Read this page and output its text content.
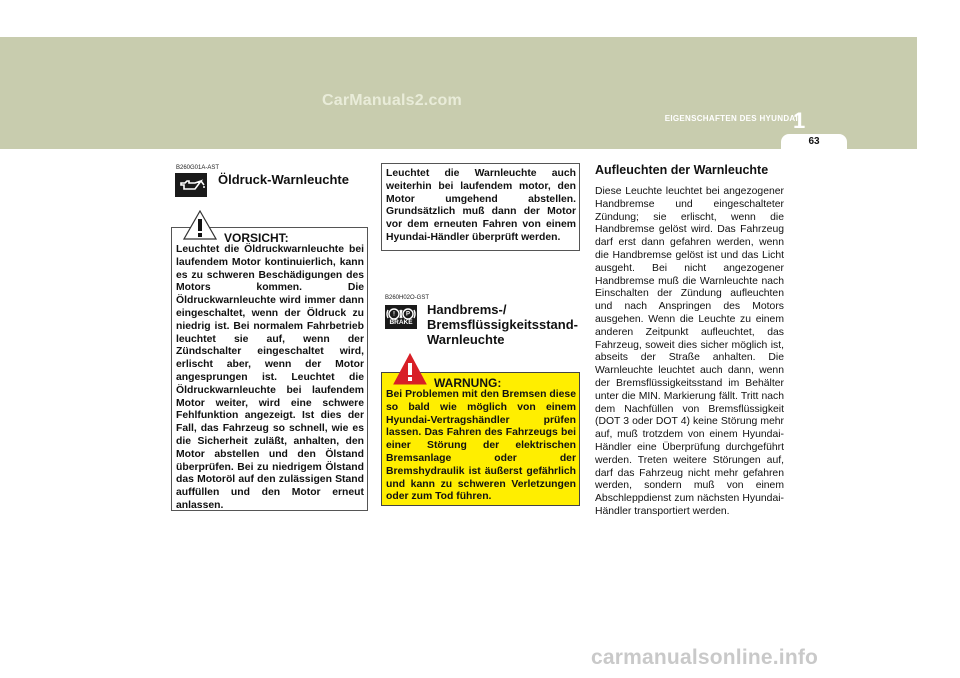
CarManuals2.com
EIGENSCHAFTEN DES HYUNDAI
1
63
B260G01A-AST
Öldruck-Warnleuchte
VORSICHT:
Leuchtet die Öldruckwarnleuchte bei laufendem Motor kontinuierlich, kann es zu schweren Beschädigungen des Motors kommen. Die Öldruckwarnleuchte wird immer dann eingeschaltet, wenn der Öldruck zu niedrig ist. Bei normalem Fahrbetrieb leuchtet sie auf, wenn der Zündschalter eingeschaltet wird, erlischt aber, wenn der Motor angesprungen ist. Leuchtet die Öldruckwarnleuchte bei laufendem Motor weiter, wird eine schwere Fehlfunktion angezeigt. Ist dies der Fall, das Fahrzeug so schnell, wie es die Sicherheit zuläßt, anhalten, den Motor abstellen und den Ölstand überprüfen. Bei zu niedrigem Ölstand das Motoröl auf den zulässigen Stand auffüllen und den Motor erneut anlassen.
Leuchtet die Warnleuchte auch weiterhin bei laufendem motor, den Motor umgehend abstellen. Grundsätzlich muß dann der Motor vor dem erneuten Fahren von einem Hyundai-Händler überprüft werden.
B260H02O-GST
! P
BRAKE
Handbrems-/
Bremsflüssigkeitsstand-
Warnleuchte
WARNUNG:
Bei Problemen mit den Bremsen diese so bald wie möglich von einem Hyundai-Vertragshändler prüfen lassen. Das Fahren des Fahrzeugs bei einer Störung der elektrischen Bremsanlage oder der Bremshydraulik ist äußerst gefährlich und kann zu schweren Verletzungen oder zum Tod führen.
Aufleuchten der Warnleuchte
Diese Leuchte leuchtet bei angezogener Handbremse und eingeschalteter Zündung; sie erlischt, wenn die Handbremse gelöst wird. Das Fahrzeug darf erst dann gefahren werden, wenn die Handbremse gelöst ist und das Licht ausgeht. Bei nicht angezogener Handbremse muß die Warnleuchte nach Einschalten der Zündung aufleuchten und nach Anspringen des Motors ausgehen. Wenn die Leuchte zu einem anderen Zeitpunkt aufleuchtet, das Fahrzeug, soweit dies sicher möglich ist, abseits der Straße anhalten. Die Warnleuchte leuchtet auch dann, wenn der Bremsflüssigkeitsstand im Behälter unter die MIN. Markierung fällt. Tritt nach dem Nachfüllen von Bremsflüssigkeit (DOT 3 oder DOT 4) keine Störung mehr auf, muß trotzdem von einem Hyundai-Händler eine Überprüfung durchgeführt werden. Treten weitere Störungen auf, darf das Fahrzeug nicht mehr gefahren werden, sondern muß von einem Abschleppdienst zum nächsten Hyundai-Händler transportiert werden.
carmanualsonline.info
